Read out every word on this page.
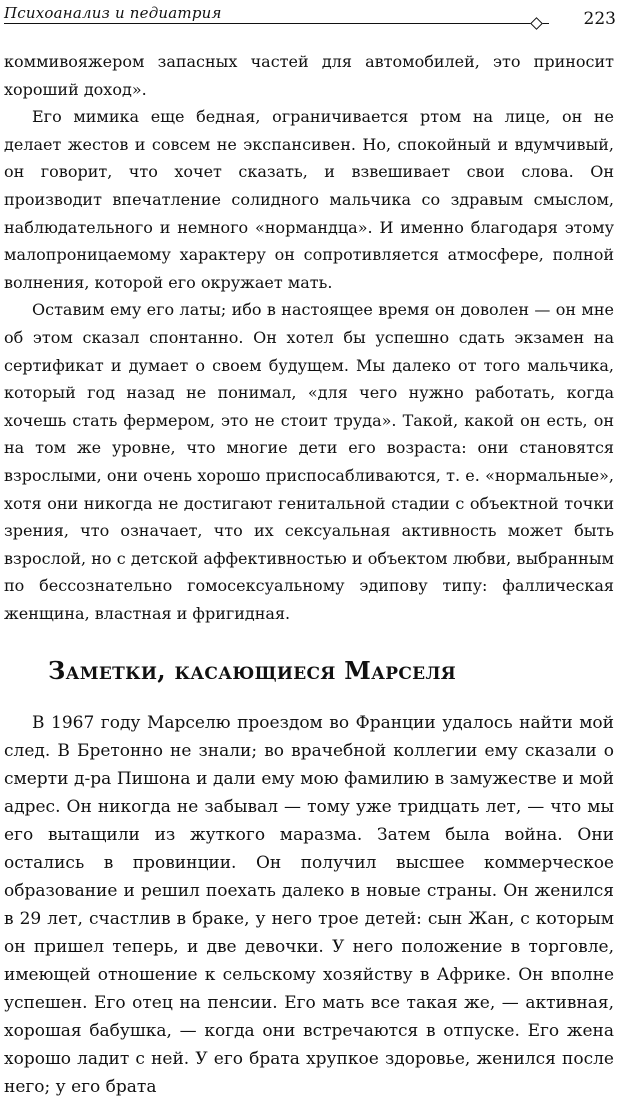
Психоанализ и педиатрия	223

коммивояжером запасных частей для автомобилей, это приносит хороший доход».

Его мимика еще бедная, ограничивается ртом на лице, он не делает жестов и совсем не экспансивен. Но, спокойный и вдумчивый, он говорит, что хочет сказать, и взвешивает свои слова. Он производит впечатление солидного мальчика со здравым смыслом, наблюдательного и немного «нормандца». И именно благодаря этому малопроницаемому характеру он сопротивляется атмосфере, полной волнения, которой его окружает мать.

Оставим ему его латы; ибо в настоящее время он доволен — он мне об этом сказал спонтанно. Он хотел бы успешно сдать экзамен на сертификат и думает о своем будущем. Мы далеко от того мальчика, который год назад не понимал, «для чего нужно работать, когда хочешь стать фермером, это не стоит труда». Такой, какой он есть, он на том же уровне, что многие дети его возраста: они становятся взрослыми, они очень хорошо приспосабливаются, т. е. «нормальные», хотя они никогда не достигают генитальной стадии с объектной точки зрения, что означает, что их сексуальная активность может быть взрослой, но с детской аффективностью и объектом любви, выбранным по бессознательно гомосексуальному эдипову типу: фаллическая женщина, властная и фригидная.

Заметки, касающиеся Марселя

В 1967 году Марселю проездом во Франции удалось найти мой след. В Бретонно не знали; во врачебной коллегии ему сказали о смерти д-ра Пишона и дали ему мою фамилию в замужестве и мой адрес. Он никогда не забывал — тому уже тридцать лет, — что мы его вытащили из жуткого маразма. Затем была война. Они остались в провинции. Он получил высшее коммерческое образование и решил поехать далеко в новые страны. Он женился в 29 лет, счастлив в браке, у него трое детей: сын Жан, с которым он пришел теперь, и две девочки. У него положение в торговле, имеющей отношение к сельскому хозяйству в Африке. Он вполне успешен. Его отец на пенсии. Его мать все такая же, — активная, хорошая бабушка, — когда они встречаются в отпуске. Его жена хорошо ладит с ней. У его брата хрупкое здоровье, женился после него; у его брата
